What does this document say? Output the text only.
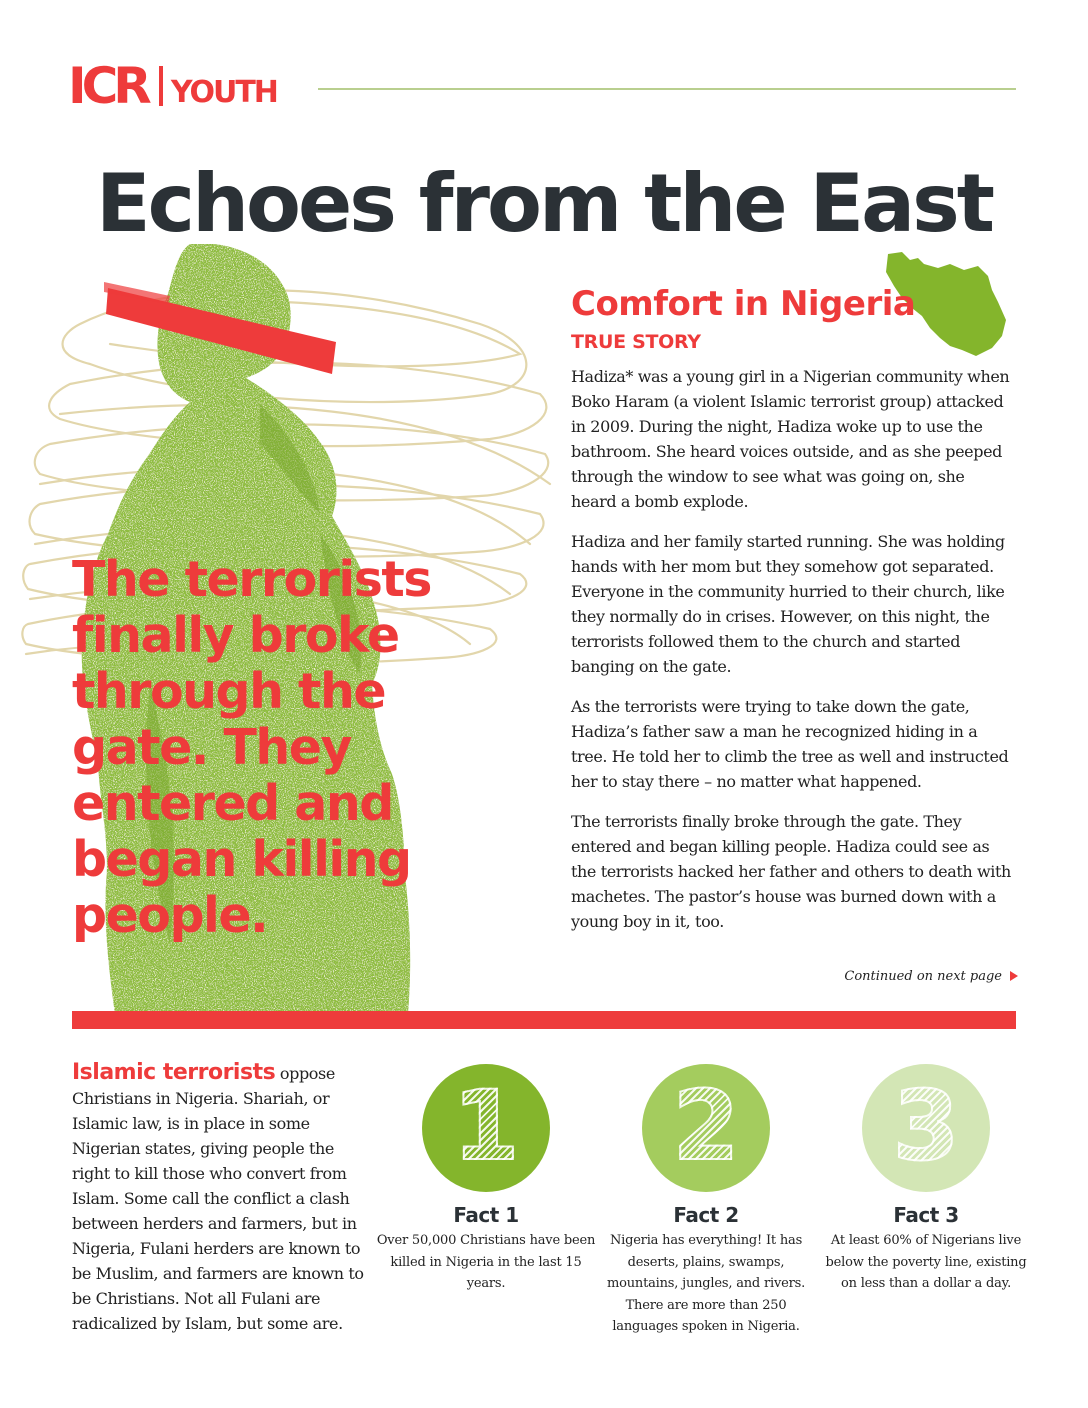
ICR YOUTH
Echoes from the East

The terrorists finally broke through the gate. They entered and began killing people.

Comfort in Nigeria
TRUE STORY

Hadiza* was a young girl in a Nigerian community when Boko Haram (a violent Islamic terrorist group) attacked in 2009. During the night, Hadiza woke up to use the bathroom. She heard voices outside, and as she peeped through the window to see what was going on, she heard a bomb explode.

Hadiza and her family started running. She was holding hands with her mom but they somehow got separated. Everyone in the community hurried to their church, like they normally do in crises. However, on this night, the terrorists followed them to the church and started banging on the gate.

As the terrorists were trying to take down the gate, Hadiza’s father saw a man he recognized hiding in a tree. He told her to climb the tree as well and instructed her to stay there – no matter what happened.

The terrorists finally broke through the gate. They entered and began killing people. Hadiza could see as the terrorists hacked her father and others to death with machetes. The pastor’s house was burned down with a young boy in it, too.

Continued on next page

Islamic terrorists oppose Christians in Nigeria. Shariah, or Islamic law, is in place in some Nigerian states, giving people the right to kill those who convert from Islam. Some call the conflict a clash between herders and farmers, but in Nigeria, Fulani herders are known to be Muslim, and farmers are known to be Christians. Not all Fulani are radicalized by Islam, but some are.

1
Fact 1

Over 50,000 Christians have been killed in Nigeria in the last 15 years.

2
Fact 2

Nigeria has everything! It has deserts, plains, swamps, mountains, jungles, and rivers. There are more than 250 languages spoken in Nigeria.

3
Fact 3

At least 60% of Nigerians live below the poverty line, existing on less than a dollar a day.
